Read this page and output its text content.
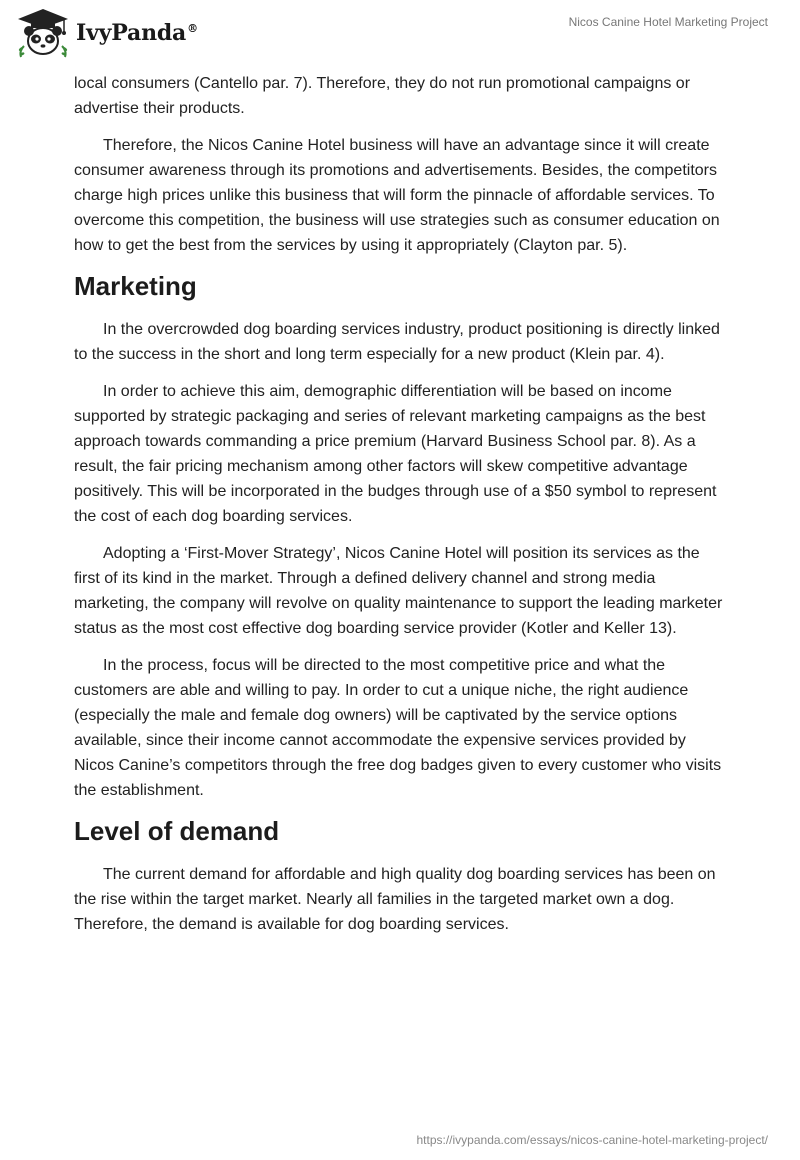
IvyPanda®	Nicos Canine Hotel Marketing Project

local consumers (Cantello par. 7). Therefore, they do not run promotional campaigns or advertise their products.

Therefore, the Nicos Canine Hotel business will have an advantage since it will create consumer awareness through its promotions and advertisements. Besides, the competitors charge high prices unlike this business that will form the pinnacle of affordable services. To overcome this competition, the business will use strategies such as consumer education on how to get the best from the services by using it appropriately (Clayton par. 5).

Marketing

In the overcrowded dog boarding services industry, product positioning is directly linked to the success in the short and long term especially for a new product (Klein par. 4).

In order to achieve this aim, demographic differentiation will be based on income supported by strategic packaging and series of relevant marketing campaigns as the best approach towards commanding a price premium (Harvard Business School par. 8). As a result, the fair pricing mechanism among other factors will skew competitive advantage positively. This will be incorporated in the budges through use of a $50 symbol to represent the cost of each dog boarding services.

Adopting a ‘First-Mover Strategy’, Nicos Canine Hotel will position its services as the first of its kind in the market. Through a defined delivery channel and strong media marketing, the company will revolve on quality maintenance to support the leading marketer status as the most cost effective dog boarding service provider (Kotler and Keller 13).

In the process, focus will be directed to the most competitive price and what the customers are able and willing to pay. In order to cut a unique niche, the right audience (especially the male and female dog owners) will be captivated by the service options available, since their income cannot accommodate the expensive services provided by Nicos Canine’s competitors through the free dog badges given to every customer who visits the establishment.

Level of demand

The current demand for affordable and high quality dog boarding services has been on the rise within the target market. Nearly all families in the targeted market own a dog. Therefore, the demand is available for dog boarding services.

https://ivypanda.com/essays/nicos-canine-hotel-marketing-project/
